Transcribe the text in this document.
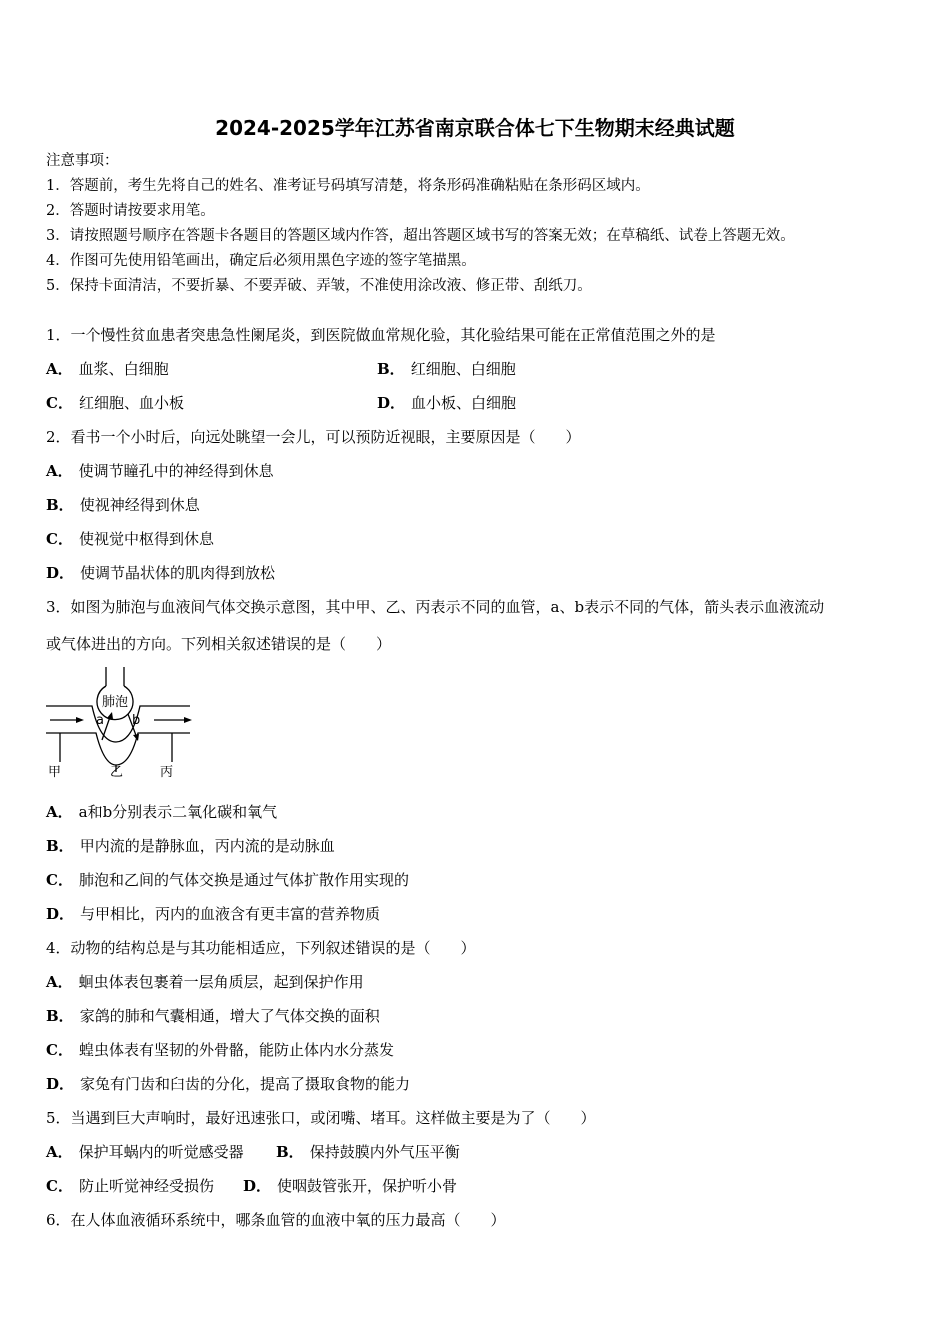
2024-2025学年江苏省南京联合体七下生物期末经典试题
注意事项：
1．答题前，考生先将自己的姓名、准考证号码填写清楚，将条形码准确粘贴在条形码区域内。
2．答题时请按要求用笔。
3．请按照题号顺序在答题卡各题目的答题区域内作答，超出答题区域书写的答案无效；在草稿纸、试卷上答题无效。
4．作图可先使用铅笔画出，确定后必须用黑色字迹的签字笔描黑。
5．保持卡面清洁，不要折暴、不要弄破、弄皱，不准使用涂改液、修正带、刮纸刀。
1．一个慢性贫血患者突患急性阑尾炎，到医院做血常规化验，其化验结果可能在正常值范围之外的是
A． 血浆、白细胞	B． 红细胞、白细胞
C． 红细胞、血小板	D． 血小板、白细胞
2．看书一个小时后，向远处眺望一会儿，可以预防近视眼，主要原因是（　　）
A． 使调节瞳孔中的神经得到休息
B． 使视神经得到休息
C． 使视觉中枢得到休息
D． 使调节晶状体的肌肉得到放松
3．如图为肺泡与血液间气体交换示意图，其中甲、乙、丙表示不同的血管，a、b表示不同的气体，箭头表示血液流动
或气体进出的方向。下列相关叙述错误的是（　　）
肺泡
a b
甲	乙	丙
A． a和b分别表示二氧化碳和氧气
B． 甲内流的是静脉血，丙内流的是动脉血
C． 肺泡和乙间的气体交换是通过气体扩散作用实现的
D． 与甲相比，丙内的血液含有更丰富的营养物质
4．动物的结构总是与其功能相适应，下列叙述错误的是（　　）
A． 蛔虫体表包裹着一层角质层，起到保护作用
B． 家鸽的肺和气囊相通，增大了气体交换的面积
C． 蝗虫体表有坚韧的外骨骼，能防止体内水分蒸发
D． 家兔有门齿和臼齿的分化，提高了摄取食物的能力
5．当遇到巨大声响时，最好迅速张口，或闭嘴、堵耳。这样做主要是为了（　　）
A． 保护耳蜗内的听觉感受器 B． 保持鼓膜内外气压平衡
C． 防止听觉神经受损伤 D． 使咽鼓管张开，保护听小骨
6．在人体血液循环系统中，哪条血管的血液中氧的压力最高（　　）
